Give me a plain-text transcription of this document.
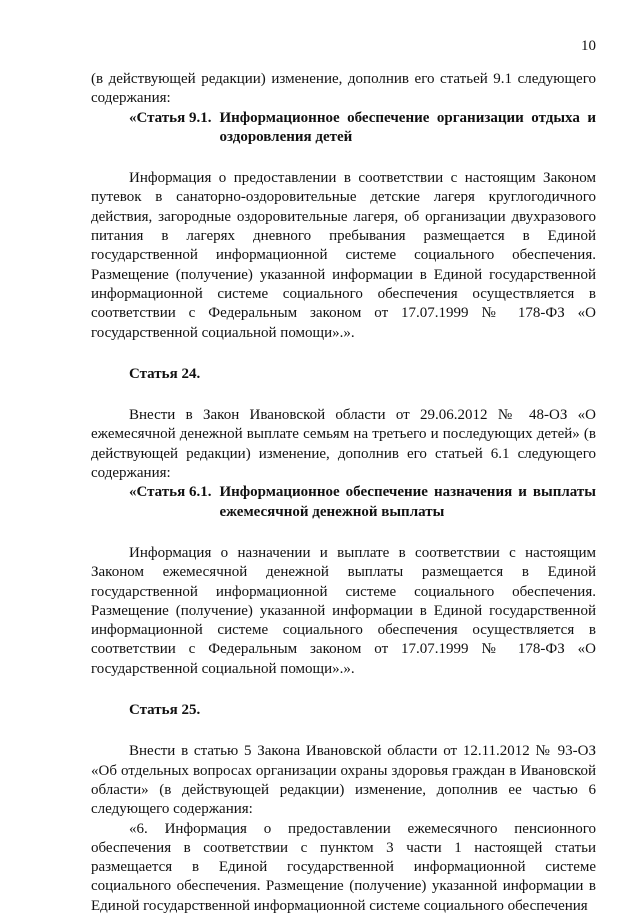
10

(в действующей редакции) изменение, дополнив его статьей 9.1 следующего содержания:

«Статья 9.1. Информационное обеспечение организации отдыха и оздоровления детей

Информация о предоставлении в соответствии с настоящим Законом путевок в санаторно-оздоровительные детские лагеря круглогодичного действия, загородные оздоровительные лагеря, об организации двухразового питания в лагерях дневного пребывания размещается в Единой государственной информационной системе социального обеспечения. Размещение (получение) указанной информации в Единой государственной информационной системе социального обеспечения осуществляется в соответствии с Федеральным законом от 17.07.1999 № 178-ФЗ «О государственной социальной помощи».».

Статья 24.

Внести в Закон Ивановской области от 29.06.2012 № 48-ОЗ «О ежемесячной денежной выплате семьям на третьего и последующих детей» (в действующей редакции) изменение, дополнив его статьей 6.1 следующего содержания:

«Статья 6.1. Информационное обеспечение назначения и выплаты ежемесячной денежной выплаты

Информация о назначении и выплате в соответствии с настоящим Законом ежемесячной денежной выплаты размещается в Единой государственной информационной системе социального обеспечения. Размещение (получение) указанной информации в Единой государственной информационной системе социального обеспечения осуществляется в соответствии с Федеральным законом от 17.07.1999 № 178-ФЗ «О государственной социальной помощи».».

Статья 25.

Внести в статью 5 Закона Ивановской области от 12.11.2012 № 93-ОЗ «Об отдельных вопросах организации охраны здоровья граждан в Ивановской области» (в действующей редакции) изменение, дополнив ее частью 6 следующего содержания:

«6. Информация о предоставлении ежемесячного пенсионного обеспечения в соответствии с пунктом 3 части 1 настоящей статьи размещается в Единой государственной информационной системе социального обеспечения. Размещение (получение) указанной информации в Единой государственной информационной системе социального обеспечения
